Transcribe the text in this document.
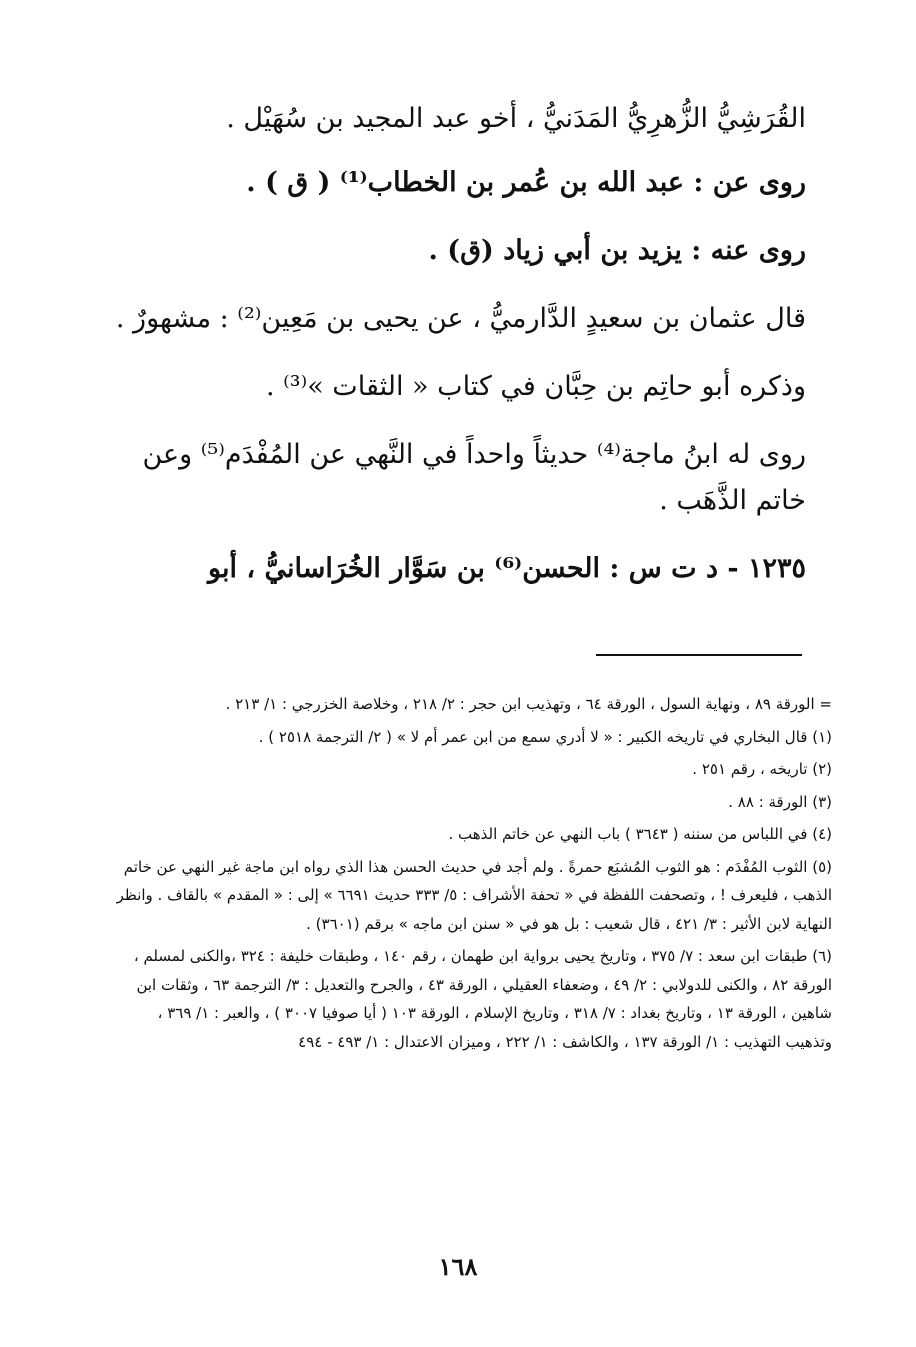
القُرَشِيُّ الزُّهرِيُّ المَدَنيُّ ، أخو عبد المجيد بن سُهَيْل .

روى عن : عبد الله بن عُمر بن الخطاب⁽¹⁾ ( ق ) .

روى عنه : يزيد بن أبي زياد (ق) .

قال عثمان بن سعيدٍ الدَّارميُّ ، عن يحيى بن مَعِين⁽²⁾ : مشهورٌ .

وذكره أبو حاتِم بن حِبَّان في كتاب « الثقات »⁽³⁾ .

روى له ابنُ ماجة⁽⁴⁾ حديثاً واحداً في النَّهي عن المُفْدَم⁽⁵⁾ وعن خاتم الذَّهَب .

١٢٣٥ - د ت س : الحسن⁽⁶⁾ بن سَوَّار الخُرَاسانيُّ ، أبو

= الورقة ٨٩ ، ونهاية السول ، الورقة ٦٤ ، وتهذيب ابن حجر : ٢/ ٢١٨ ، وخلاصة الخزرجي : ١/ ٢١٣ .

(١) قال البخاري في تاريخه الكبير : « لا أدري سمع من ابن عمر أم لا » ( ٢/ الترجمة ٢٥١٨ ) .

(٢) تاريخه ، رقم ٢٥١ .

(٣) الورقة : ٨٨ .

(٤) في اللباس من سننه ( ٣٦٤٣ ) باب النهي عن خاتم الذهب .

(٥) الثوب المُفْدَم : هو الثوب المُشبَع حمرةً . ولم أجد في حديث الحسن هذا الذي رواه ابن ماجة غير النهي عن خاتم الذهب ، فليعرف ! ، وتصحفت اللفظة في « تحفة الأشراف : ٥/ ٣٣٣ حديث ٦٦٩١ » إلى : « المقدم » بالقاف . وانظر النهاية لابن الأثير : ٣/ ٤٢١ ، قال شعيب : بل هو في « سنن ابن ماجه » برقم (٣٦٠١) .

(٦) طبقات ابن سعد : ٧/ ٣٧٥ ، وتاريخ يحيى برواية ابن طهمان ، رقم ١٤٠ ، وطبقات خليفة : ٣٢٤ ،والكنى لمسلم ، الورقة ٨٢ ، والكنى للدولابي : ٢/ ٤٩ ، وضعفاء العقيلي ، الورقة ٤٣ ، والجرح والتعديل : ٣/ الترجمة ٦٣ ، وثقات ابن شاهين ، الورقة ١٣ ، وتاريخ بغداد : ٧/ ٣١٨ ، وتاريخ الإسلام ، الورقة ١٠٣ ( أيا صوفيا ٣٠٠٧ ) ، والعبر : ١/ ٣٦٩ ، وتذهيب التهذيب : ١/ الورقة ١٣٧ ، والكاشف : ١/ ٢٢٢ ، وميزان الاعتدال : ١/ ٤٩٣ - ٤٩٤

١٦٨
